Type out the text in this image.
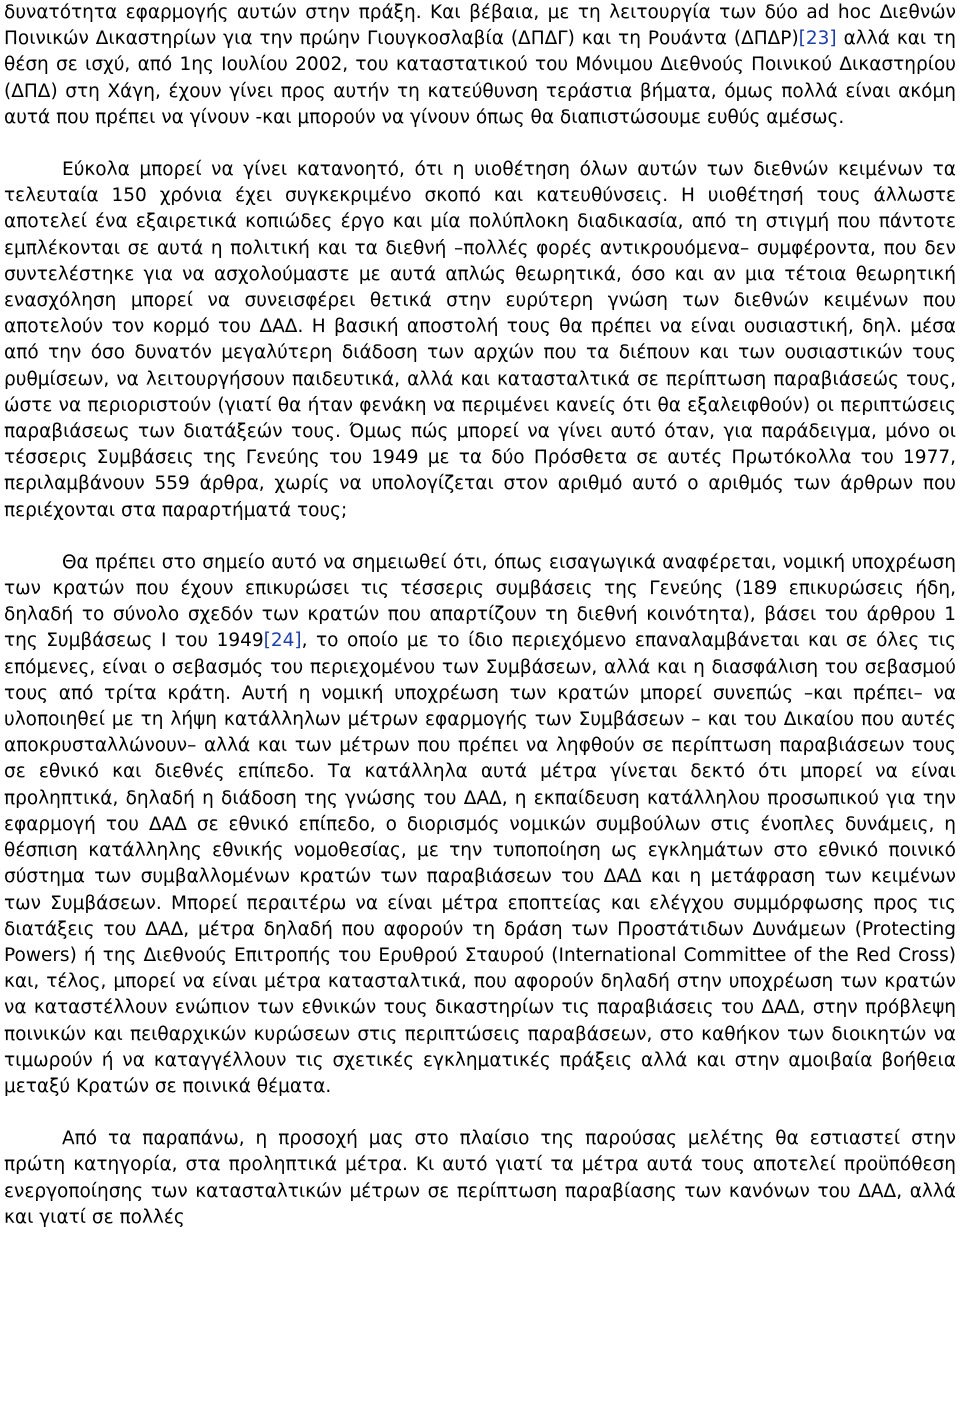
δυνατότητα εφαρμογής αυτών στην πράξη. Και βέβαια, με τη λειτουργία των δύο ad hoc Διεθνών Ποινικών Δικαστηρίων για την πρώην Γιουγκοσλαβία (ΔΠΔΓ) και τη Ρουάντα (ΔΠΔΡ)[23] αλλά και τη θέση σε ισχύ, από 1ης Ιουλίου 2002, του καταστατικού του Μόνιμου Διεθνούς Ποινικού Δικαστηρίου (ΔΠΔ) στη Χάγη, έχουν γίνει προς αυτήν τη κατεύθυνση τεράστια βήματα, όμως πολλά είναι ακόμη αυτά που πρέπει να γίνουν -και μπορούν να γίνουν όπως θα διαπιστώσουμε ευθύς αμέσως.

Εύκολα μπορεί να γίνει κατανοητό, ότι η υιοθέτηση όλων αυτών των διεθνών κειμένων τα τελευταία 150 χρόνια έχει συγκεκριμένο σκοπό και κατευθύνσεις. Η υιοθέτησή τους άλλωστε αποτελεί ένα εξαιρετικά κοπιώδες έργο και μία πολύπλοκη διαδικασία, από τη στιγμή που πάντοτε εμπλέκονται σε αυτά η πολιτική και τα διεθνή –πολλές φορές αντικρουόμενα– συμφέροντα, που δεν συντελέστηκε για να ασχολούμαστε με αυτά απλώς θεωρητικά, όσο και αν μια τέτοια θεωρητική ενασχόληση μπορεί να συνεισφέρει θετικά στην ευρύτερη γνώση των διεθνών κειμένων που αποτελούν τον κορμό του ΔΑΔ. Η βασική αποστολή τους θα πρέπει να είναι ουσιαστική, δηλ. μέσα από την όσο δυνατόν μεγαλύτερη διάδοση των αρχών που τα διέπουν και των ουσιαστικών τους ρυθμίσεων, να λειτουργήσουν παιδευτικά, αλλά και κατασταλτικά σε περίπτωση παραβιάσεώς τους, ώστε να περιοριστούν (γιατί θα ήταν φενάκη να περιμένει κανείς ότι θα εξαλειφθούν) οι περιπτώσεις παραβιάσεως των διατάξεών τους. Όμως πώς μπορεί να γίνει αυτό όταν, για παράδειγμα, μόνο οι τέσσερις Συμβάσεις της Γενεύης του 1949 με τα δύο Πρόσθετα σε αυτές Πρωτόκολλα του 1977, περιλαμβάνουν 559 άρθρα, χωρίς να υπολογίζεται στον αριθμό αυτό ο αριθμός των άρθρων που περιέχονται στα παραρτήματά τους;

Θα πρέπει στο σημείο αυτό να σημειωθεί ότι, όπως εισαγωγικά αναφέρεται, νομική υποχρέωση των κρατών που έχουν επικυρώσει τις τέσσερις συμβάσεις της Γενεύης (189 επικυρώσεις ήδη, δηλαδή το σύνολο σχεδόν των κρατών που απαρτίζουν τη διεθνή κοινότητα), βάσει του άρθρου 1 της Συμβάσεως Ι του 1949[24], το οποίο με το ίδιο περιεχόμενο επαναλαμβάνεται και σε όλες τις επόμενες, είναι ο σεβασμός του περιεχομένου των Συμβάσεων, αλλά και η διασφάλιση του σεβασμού τους από τρίτα κράτη. Αυτή η νομική υποχρέωση των κρατών μπορεί συνεπώς –και πρέπει– να υλοποιηθεί με τη λήψη κατάλληλων μέτρων εφαρμογής των Συμβάσεων – και του Δικαίου που αυτές αποκρυσταλλώνουν– αλλά και των μέτρων που πρέπει να ληφθούν σε περίπτωση παραβιάσεων τους σε εθνικό και διεθνές επίπεδο. Τα κατάλληλα αυτά μέτρα γίνεται δεκτό ότι μπορεί να είναι προληπτικά, δηλαδή η διάδοση της γνώσης του ΔΑΔ, η εκπαίδευση κατάλληλου προσωπικού για την εφαρμογή του ΔΑΔ σε εθνικό επίπεδο, ο διορισμός νομικών συμβούλων στις ένοπλες δυνάμεις, η θέσπιση κατάλληλης εθνικής νομοθεσίας, με την τυποποίηση ως εγκλημάτων στο εθνικό ποινικό σύστημα των συμβαλλομένων κρατών των παραβιάσεων του ΔΑΔ και η μετάφραση των κειμένων των Συμβάσεων. Μπορεί περαιτέρω να είναι μέτρα εποπτείας και ελέγχου συμμόρφωσης προς τις διατάξεις του ΔΑΔ, μέτρα δηλαδή που αφορούν τη δράση των Προστάτιδων Δυνάμεων (Protecting Powers) ή της Διεθνούς Επιτροπής του Ερυθρού Σταυρού (International Committee of the Red Cross) και, τέλος, μπορεί να είναι μέτρα κατασταλτικά, που αφορούν δηλαδή στην υποχρέωση των κρατών να καταστέλλουν ενώπιον των εθνικών τους δικαστηρίων τις παραβιάσεις του ΔΑΔ, στην πρόβλεψη ποινικών και πειθαρχικών κυρώσεων στις περιπτώσεις παραβάσεων, στο καθήκον των διοικητών να τιμωρούν ή να καταγγέλλουν τις σχετικές εγκληματικές πράξεις αλλά και στην αμοιβαία βοήθεια μεταξύ Κρατών σε ποινικά θέματα.

Από τα παραπάνω, η προσοχή μας στο πλαίσιο της παρούσας μελέτης θα εστιαστεί στην πρώτη κατηγορία, στα προληπτικά μέτρα. Κι αυτό γιατί τα μέτρα αυτά τους αποτελεί προϋπόθεση ενεργοποίησης των κατασταλτικών μέτρων σε περίπτωση παραβίασης των κανόνων του ΔΑΔ, αλλά και γιατί σε πολλές
